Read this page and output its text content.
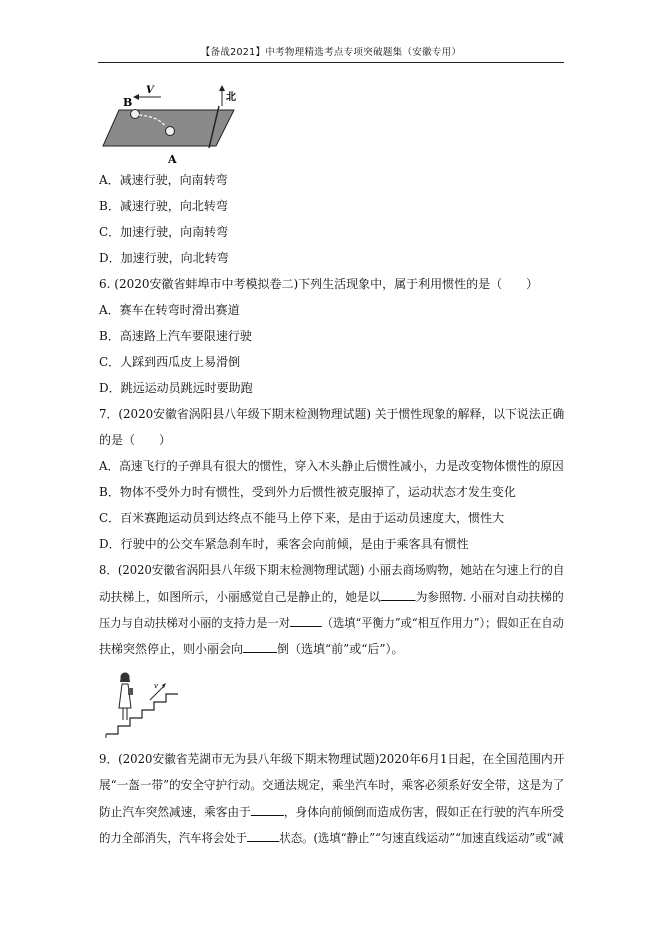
【备战2021】中考物理精选考点专项突破题集（安徽专用）
B
V
A
北
A．减速行驶，向南转弯
B．减速行驶，向北转弯
C．加速行驶，向南转弯
D．加速行驶，向北转弯
6. (2020安徽省蚌埠市中考模拟卷二)下列生活现象中，属于利用惯性的是（　　）
A．赛车在转弯时滑出赛道
B．高速路上汽车要限速行驶
C．人踩到西瓜皮上易滑倒
D．跳远运动员跳远时要助跑
7．(2020安徽省涡阳县八年级下期末检测物理试题) 关于惯性现象的解释，以下说法正确
的是（　　）
A．高速飞行的子弹具有很大的惯性，穿入木头静止后惯性减小，力是改变物体惯性的原因
B．物体不受外力时有惯性，受到外力后惯性被克服掉了，运动状态才发生变化
C．百米赛跑运动员到达终点不能马上停下来，是由于运动员速度大，惯性大
D．行驶中的公交车紧急刹车时，乘客会向前倾，是由于乘客具有惯性
8．(2020安徽省涡阳县八年级下期末检测物理试题) 小丽去商场购物，她站在匀速上行的自
动扶梯上，如图所示，小丽感觉自己是静止的，她是以	为参照物. 小丽对自动扶梯的
压力与自动扶梯对小丽的支持力是一对	（选填“平衡力”或“相互作用力”）；假如正在自动
扶梯突然停止，则小丽会向	倒（选填“前”或“后”）。
v
9．(2020安徽省芜湖市无为县八年级下期末物理试题)2020年6月1日起，在全国范围内开
展“一盔一带”的安全守护行动。交通法规定，乘坐汽车时，乘客必须系好安全带，这是为了
防止汽车突然减速，乘客由于	，身体向前倾倒而造成伤害，假如正在行驶的汽车所受
的力全部消失，汽车将会处于	状态。(选填“静止”“匀速直线运动”“加速直线运动”或“减
